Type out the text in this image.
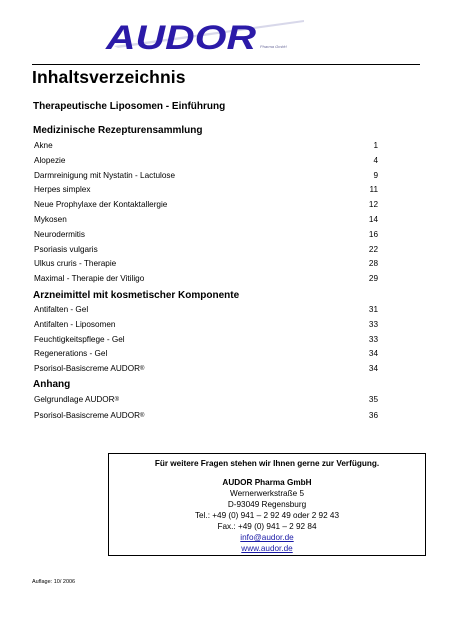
AUDOR Pharma GmbH
Inhaltsverzeichnis
Therapeutische Liposomen - Einführung
Medizinische Rezepturensammlung
Akne	1
Alopezie	4
Darmreinigung mit Nystatin - Lactulose	9
Herpes simplex	11
Neue Prophylaxe der Kontaktallergie	12
Mykosen	14
Neurodermitis	16
Psoriasis vulgaris	22
Ulkus cruris - Therapie	28
Maximal - Therapie der Vitiligo	29
Arzneimittel mit kosmetischer Komponente
Antifalten - Gel	31
Antifalten - Liposomen	33
Feuchtigkeitspflege - Gel	33
Regenerations - Gel	34
Psorisol-Basiscreme AUDOR®	34
Anhang
Gelgrundlage AUDOR®	35
Psorisol-Basiscreme AUDOR®	36
Für weitere Fragen stehen wir Ihnen gerne zur Verfügung.
AUDOR Pharma GmbH
Wernerwerkstraße 5
D-93049 Regensburg
Tel.: +49 (0) 941 – 2 92 49 oder 2 92 43
Fax.: +49 (0) 941 – 2 92 84
info@audor.de
www.audor.de
Auflage: 10/ 2006
